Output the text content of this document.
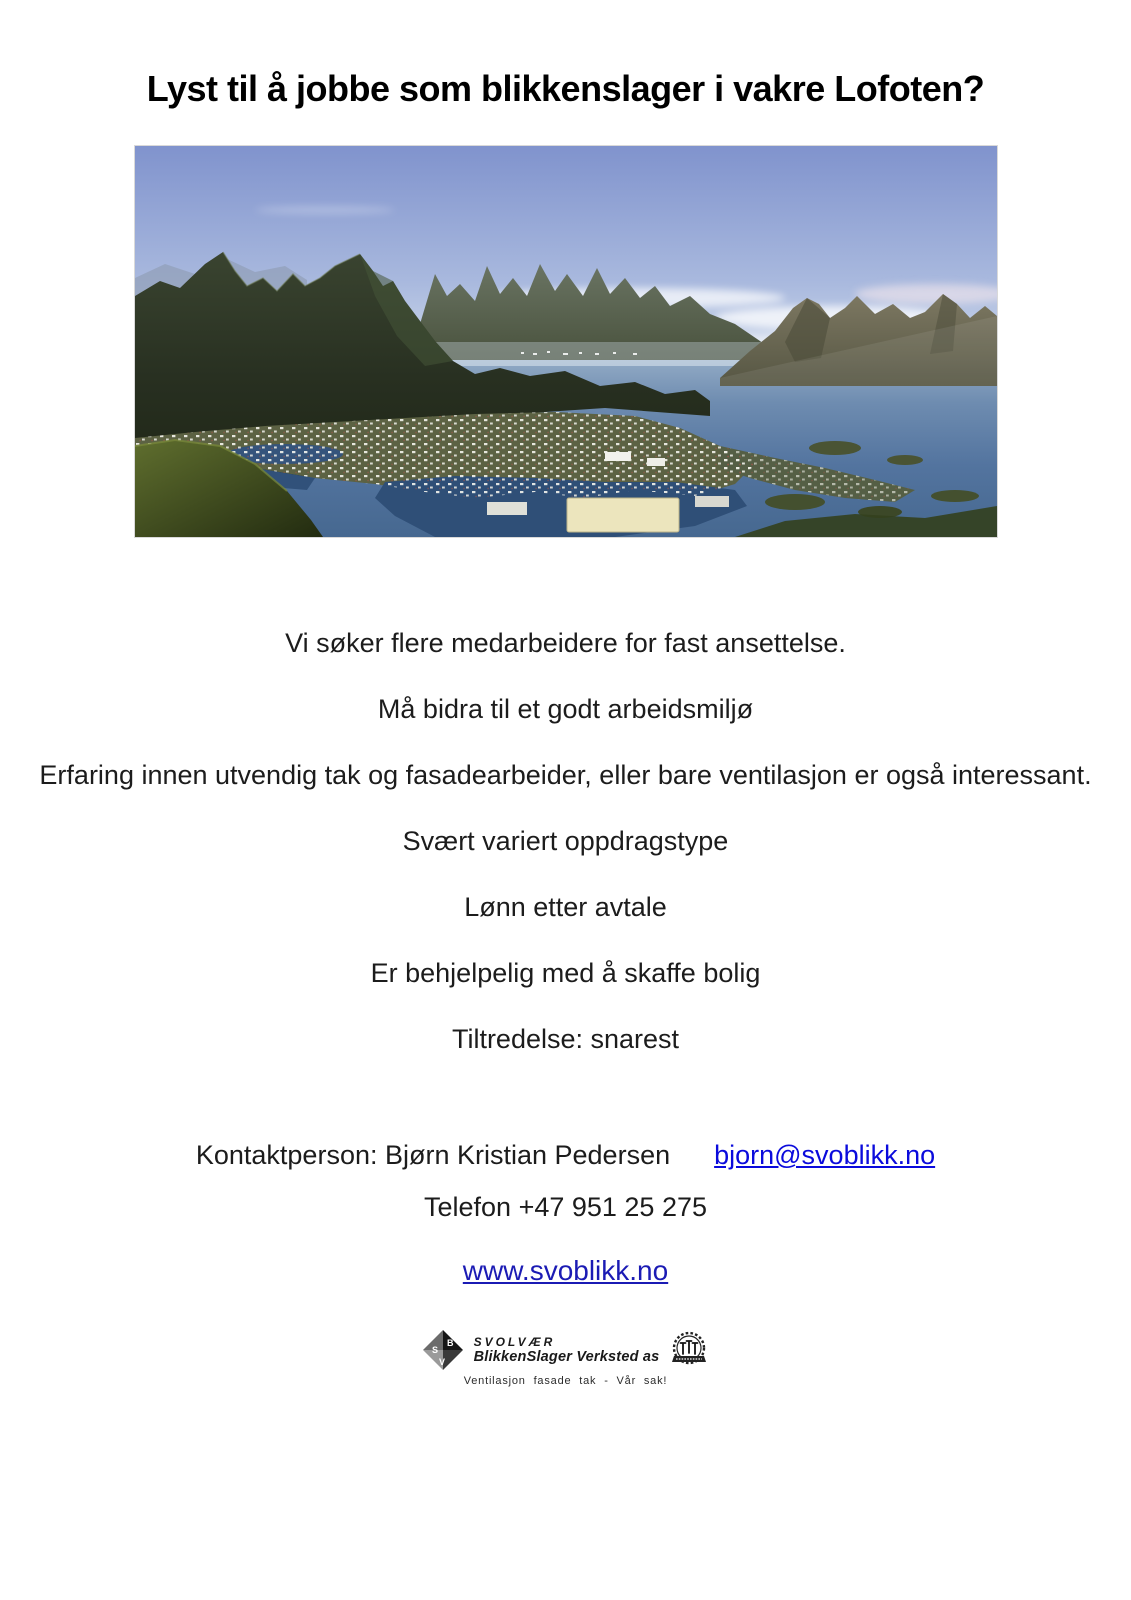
Lyst til å jobbe som blikkenslager i vakre Lofoten?

Vi søker flere medarbeidere for fast ansettelse.

Må bidra til et godt arbeidsmiljø

Erfaring innen utvendig tak og fasadearbeider, eller bare ventilasjon er også interessant.

Svært variert oppdragstype

Lønn etter avtale

Er behjelpelig med å skaffe bolig

Tiltredelse: snarest

Kontaktperson: Bjørn Kristian Pedersen bjorn@svoblikk.no
Telefon +47 951 25 275
www.svoblikk.no
S
B
V
SVOLVÆR
BlikkenSlager Verksted as
Ventilasjon fasade tak - Vår sak!
